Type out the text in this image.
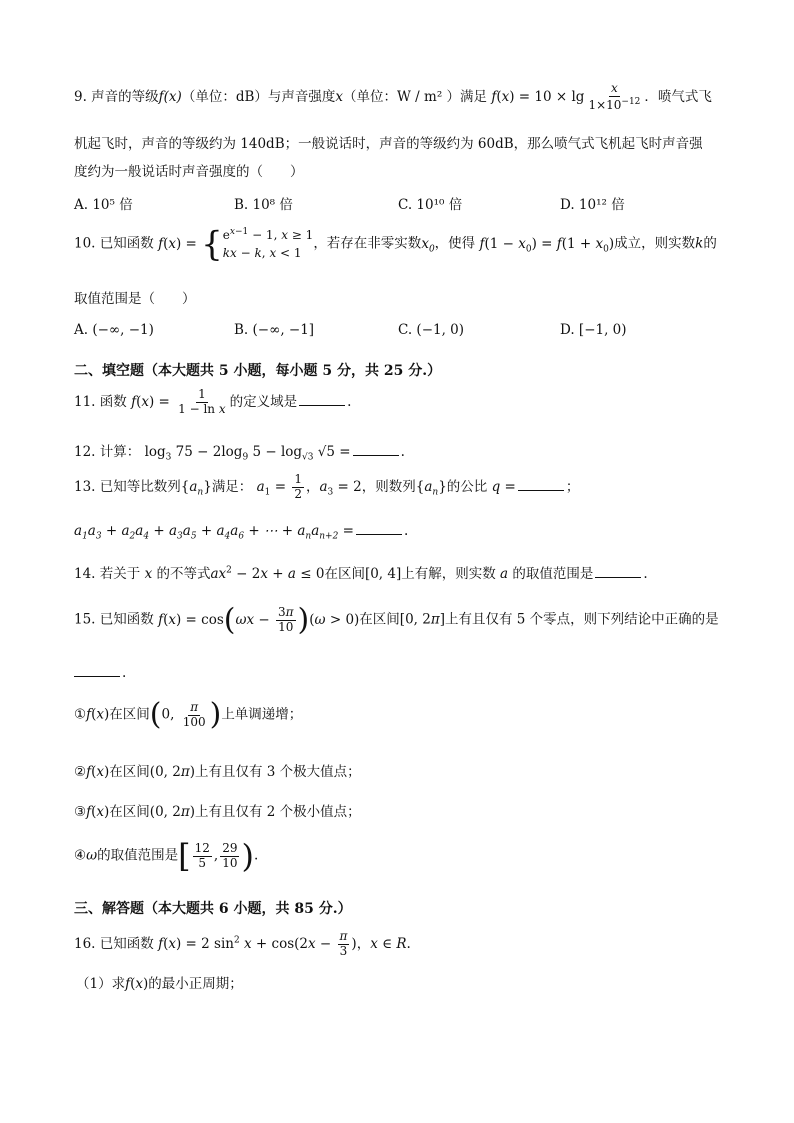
9. 声音的等级f(x)（单位：dB）与声音强度x（单位：W / m² ）满足 $f(x) = 10 \times \lg \frac{x}{1\times 10^{-12}}$ ．喷气式飞
机起飞时，声音的等级约为 140dB；一般说话时，声音的等级约为 60dB，那么喷气式飞机起飞时声音强
度约为一般说话时声音强度的（　　）
A. 10⁵ 倍	B. 10⁸ 倍	C. 10¹⁰ 倍	D. 10¹² 倍
10. 已知函数 f(x) = { $e^{x-1} - 1$, x ≥ 1
kx − k, x < 1
，若存在非零实数$x_0$，使得 $f(1 - x_0) = f(1 + x_0)$成立，则实数k的
取值范围是（　　）
A. (−∞, −1)	B. (−∞, −1]	C. (−1, 0)	D. [−1, 0)
二、填空题（本大题共 5 小题，每小题 5 分，共 25 分.）
11. 函数 $f(x) = \frac{1}{\text{1 − ln x}}$ 的定义域是	.
12. 计算： $\log_3 75 - 2\log_9$ $5 - \log_{√3} √5$ =	.
13. 已知等比数列$\{a_n\}$满足： $a_1 = \frac{1}{2}$ ，$a_3 = 2$，则数列$\{a_n\}$的公比 q =	；
$a_1a_3 + a_2a_4 + a_3a_5 + a_4a_6$ + ⋯ + $a_na_{n+2}$ =	.
14. 若关于 x 的不等式$ax^2 - 2x + a \le 0$在区间[0, 4]上有解，则实数 a 的取值范围是	.
15. 已知函数 $f(x) = \cos(\omega x - \frac{3\pi}{10} )(\omega > 0)$在区间[0, 2π]上有且仅有 5 个零点，则下列结论中正确的是
.
①f(x)在区间(0, $\frac{\pi}{100}$ )上单调递增；
②f(x)在区间(0, 2π)上有且仅有 3 个极大值点；
③f(x)在区间(0, 2π)上有且仅有 2 个极小值点；
④ω的取值范围是[ $\frac{12}{5}$ , $\frac{29}{10}$ ).
三、解答题（本大题共 6 小题，共 85 分.）
16. 已知函数 f(x) = 2 $\sin^2 x + \cos(2x - \frac{\pi}{3}$ )，x ∈ R.
（1）求f(x)的最小正周期；
